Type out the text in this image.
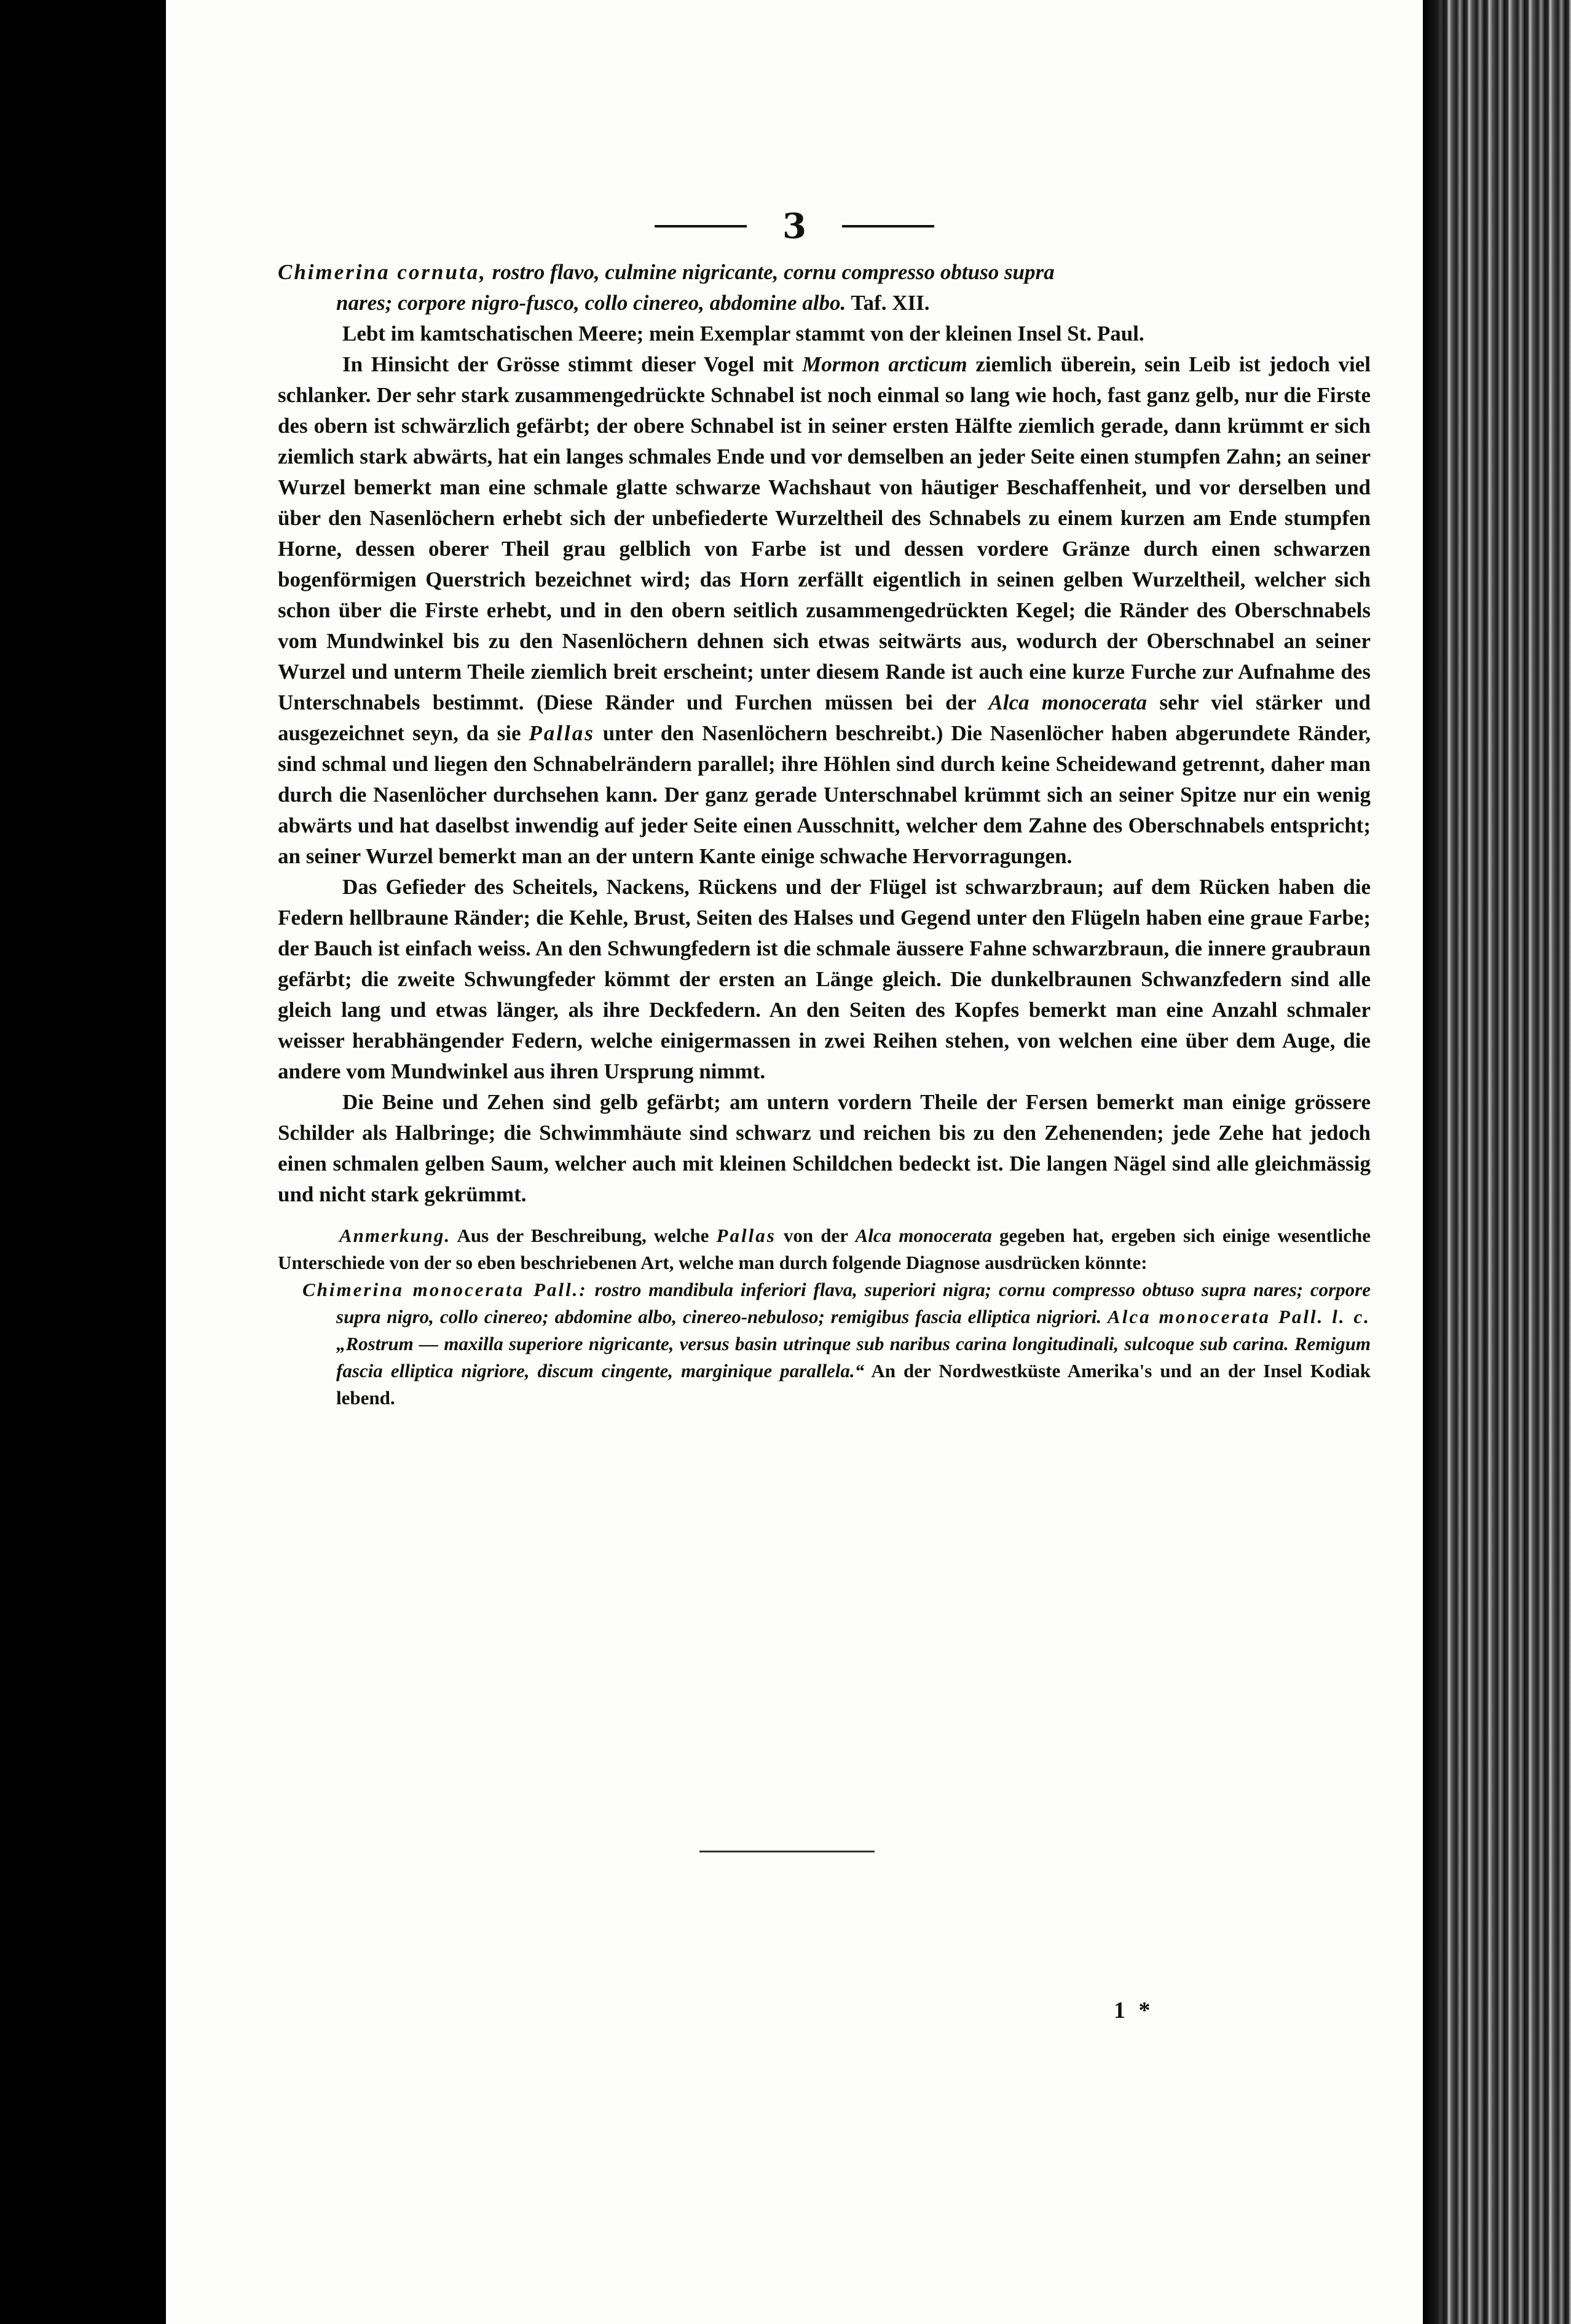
3

Chimerina cornuta, rostro flavo, culmine nigricante, cornu compresso obtuso supra

nares; corpore nigro-fusco, collo cinereo, abdomine albo. Taf. XII.

Lebt im kamtschatischen Meere; mein Exemplar stammt von der kleinen Insel St. Paul.

In Hinsicht der Grösse stimmt dieser Vogel mit Mormon arcticum ziemlich überein, sein Leib ist jedoch viel schlanker. Der sehr stark zusammengedrückte Schnabel ist noch einmal so lang wie hoch, fast ganz gelb, nur die Firste des obern ist schwärzlich gefärbt; der obere Schnabel ist in seiner ersten Hälfte ziemlich gerade, dann krümmt er sich ziemlich stark abwärts, hat ein langes schmales Ende und vor demselben an jeder Seite einen stumpfen Zahn; an seiner Wurzel bemerkt man eine schmale glatte schwarze Wachshaut von häutiger Beschaffenheit, und vor derselben und über den Nasenlöchern erhebt sich der unbefiederte Wurzeltheil des Schnabels zu einem kurzen am Ende stumpfen Horne, dessen oberer Theil grau gelblich von Farbe ist und dessen vordere Gränze durch einen schwarzen bogenförmigen Querstrich bezeichnet wird; das Horn zerfällt eigentlich in seinen gelben Wurzeltheil, welcher sich schon über die Firste erhebt, und in den obern seitlich zusammengedrückten Kegel; die Ränder des Oberschnabels vom Mundwinkel bis zu den Nasenlöchern dehnen sich etwas seitwärts aus, wodurch der Oberschnabel an seiner Wurzel und unterm Theile ziemlich breit erscheint; unter diesem Rande ist auch eine kurze Furche zur Aufnahme des Unterschnabels bestimmt. (Diese Ränder und Furchen müssen bei der Alca monocerata sehr viel stärker und ausgezeichnet seyn, da sie Pallas unter den Nasenlöchern beschreibt.) Die Nasenlöcher haben abgerundete Ränder, sind schmal und liegen den Schnabelrändern parallel; ihre Höhlen sind durch keine Scheidewand getrennt, daher man durch die Nasenlöcher durchsehen kann. Der ganz gerade Unterschnabel krümmt sich an seiner Spitze nur ein wenig abwärts und hat daselbst inwendig auf jeder Seite einen Ausschnitt, welcher dem Zahne des Oberschnabels entspricht; an seiner Wurzel bemerkt man an der untern Kante einige schwache Hervorragungen.

Das Gefieder des Scheitels, Nackens, Rückens und der Flügel ist schwarzbraun; auf dem Rücken haben die Federn hellbraune Ränder; die Kehle, Brust, Seiten des Halses und Gegend unter den Flügeln haben eine graue Farbe; der Bauch ist einfach weiss. An den Schwungfedern ist die schmale äussere Fahne schwarzbraun, die innere graubraun gefärbt; die zweite Schwungfeder kömmt der ersten an Länge gleich. Die dunkelbraunen Schwanzfedern sind alle gleich lang und etwas länger, als ihre Deckfedern. An den Seiten des Kopfes bemerkt man eine Anzahl schmaler weisser herabhängender Federn, welche einigermassen in zwei Reihen stehen, von welchen eine über dem Auge, die andere vom Mundwinkel aus ihren Ursprung nimmt.

Die Beine und Zehen sind gelb gefärbt; am untern vordern Theile der Fersen bemerkt man einige grössere Schilder als Halbringe; die Schwimmhäute sind schwarz und reichen bis zu den Zehenenden; jede Zehe hat jedoch einen schmalen gelben Saum, welcher auch mit kleinen Schildchen bedeckt ist. Die langen Nägel sind alle gleichmässig und nicht stark gekrümmt.

Anmerkung. Aus der Beschreibung, welche Pallas von der Alca monocerata gegeben hat, ergeben sich einige wesentliche Unterschiede von der so eben beschriebenen Art, welche man durch folgende Diagnose ausdrücken könnte:

Chimerina monocerata Pall.: rostro mandibula inferiori flava, superiori nigra; cornu compresso obtuso supra nares; corpore supra nigro, collo cinereo; abdomine albo, cinereo-nebuloso; remigibus fascia elliptica nigriori. Alca monocerata Pall. l. c. „Rostrum — maxilla superiore nigricante, versus basin utrinque sub naribus carina longitudinali, sulcoque sub carina. Remigum fascia elliptica nigriore, discum cingente, marginique parallela.“ An der Nordwestküste Amerika's und an der Insel Kodiak lebend.

1 *
